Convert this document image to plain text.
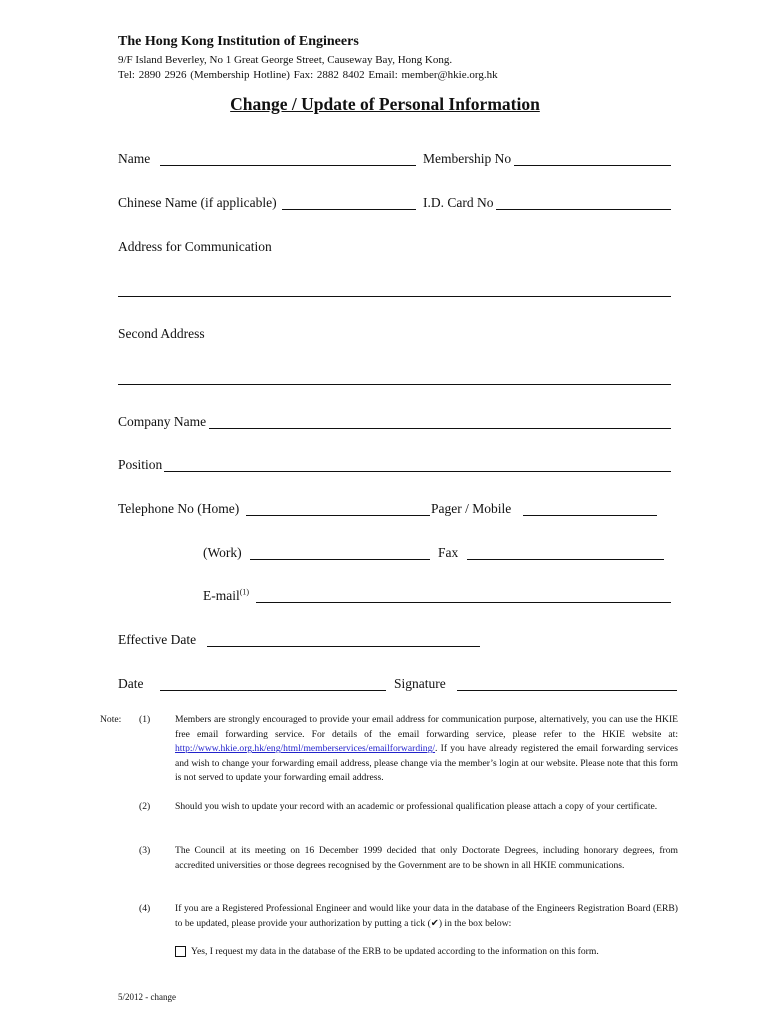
The Hong Kong Institution of Engineers
9/F Island Beverley, No 1 Great George Street, Causeway Bay, Hong Kong.
Tel: 2890 2926 (Membership Hotline) Fax: 2882 8402 Email: member@hkie.org.hk
Change / Update of Personal Information
Name	Membership No
Chinese Name (if applicable)	I.D. Card No
Address for Communication
Second Address
Company Name
Position
Telephone No (Home)	Pager / Mobile
(Work)	Fax
E-mail$^{(1)}$
Effective Date
Date	Signature
Note: (1)	Members are strongly encouraged to provide your email address for communication purpose, alternatively, you can use the HKIE free email forwarding service. For details of the email forwarding service, please refer to the HKIE website at: http://www.hkie.org.hk/eng/html/memberservices/emailforwarding/. If you have already registered the email forwarding services and wish to change your forwarding email address, please change via the member’s login at our website. Please note that this form is not served to update your forwarding email address.
(2)	Should you wish to update your record with an academic or professional qualification please attach a copy of your certificate.
(3)	The Council at its meeting on 16 December 1999 decided that only Doctorate Degrees, including honorary degrees, from accredited universities or those degrees recognised by the Government are to be shown in all HKIE communications.
(4)	If you are a Registered Professional Engineer and would like your data in the database of the Engineers Registration Board (ERB) to be updated, please provide your authorization by putting a tick (✔) in the box below:
Yes, I request my data in the database of the ERB to be updated according to the information on this form.
5/2012 - change
